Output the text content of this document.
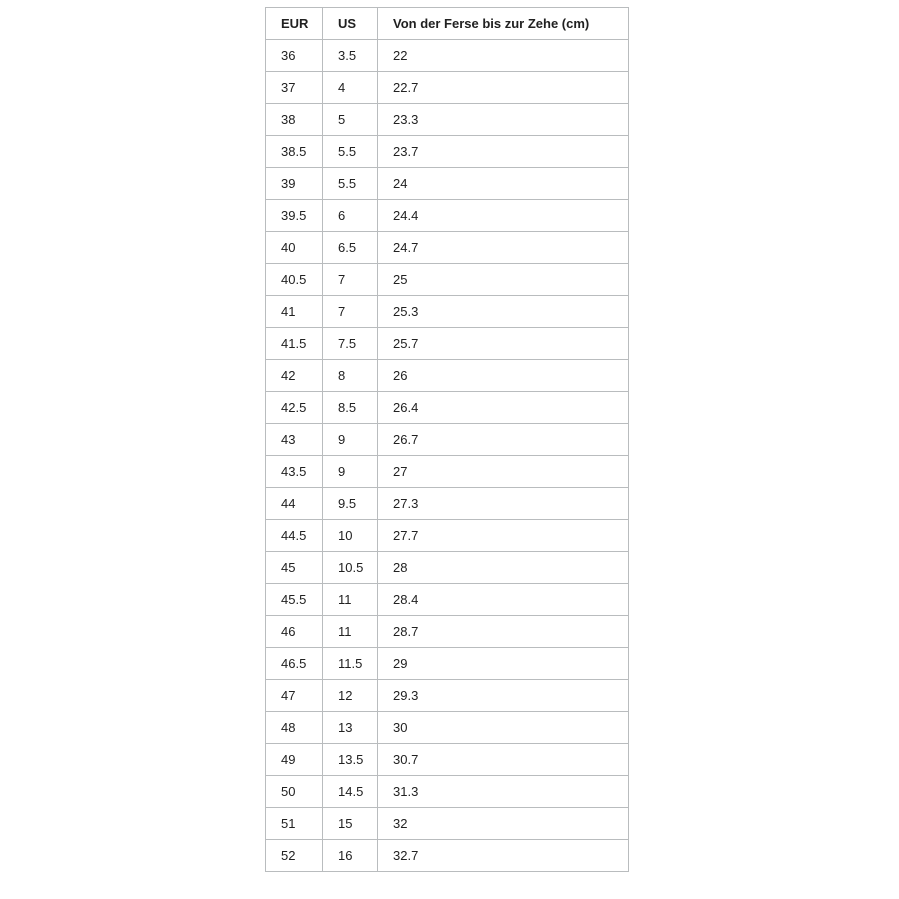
EUR	US	Von der Ferse bis zur Zehe (cm)
36	3.5	22
37	4	22.7
38	5	23.3
38.5	5.5	23.7
39	5.5	24
39.5	6	24.4
40	6.5	24.7
40.5	7	25
41	7	25.3
41.5	7.5	25.7
42	8	26
42.5	8.5	26.4
43	9	26.7
43.5	9	27
44	9.5	27.3
44.5	10	27.7
45	10.5	28
45.5	11	28.4
46	11	28.7
46.5	11.5	29
47	12	29.3
48	13	30
49	13.5	30.7
50	14.5	31.3
51	15	32
52	16	32.7
